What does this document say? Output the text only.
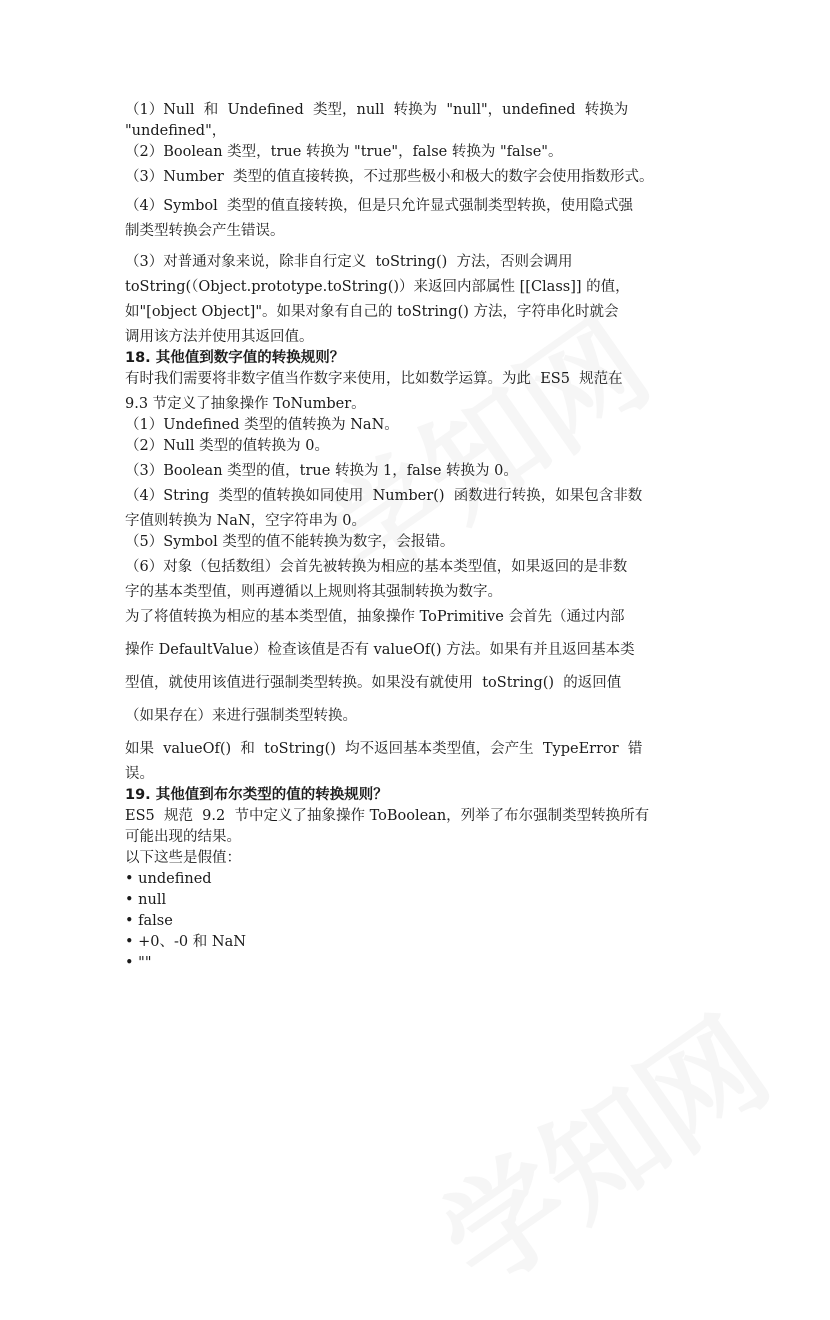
（1）Null  和  Undefined  类型，null  转换为  "null"，undefined  转换为
"undefined"，
（2）Boolean 类型，true 转换为 "true"，false 转换为 "false"。
（3）Number  类型的值直接转换，不过那些极小和极大的数字会使用指数形式。
（4）Symbol  类型的值直接转换，但是只允许显式强制类型转换，使用隐式强
制类型转换会产生错误。
（3）对普通对象来说，除非自行定义  toString()  方法，否则会调用
toString(（Object.prototype.toString()）来返回内部属性 [[Class]] 的值，
如"[object Object]"。如果对象有自己的 toString() 方法，字符串化时就会
调用该方法并使用其返回值。
18. 其他值到数字值的转换规则？
有时我们需要将非数字值当作数字来使用，比如数学运算。为此  ES5  规范在
9.3 节定义了抽象操作 ToNumber。
（1）Undefined 类型的值转换为 NaN。
（2）Null 类型的值转换为 0。
（3）Boolean 类型的值，true 转换为 1，false 转换为 0。
（4）String  类型的值转换如同使用  Number()  函数进行转换，如果包含非数
字值则转换为 NaN，空字符串为 0。
（5）Symbol 类型的值不能转换为数字，会报错。
（6）对象（包括数组）会首先被转换为相应的基本类型值，如果返回的是非数
字的基本类型值，则再遵循以上规则将其强制转换为数字。
为了将值转换为相应的基本类型值，抽象操作 ToPrimitive 会首先（通过内部
操作 DefaultValue）检查该值是否有 valueOf() 方法。如果有并且返回基本类
型值，就使用该值进行强制类型转换。如果没有就使用  toString()  的返回值
（如果存在）来进行强制类型转换。
如果  valueOf()  和  toString()  均不返回基本类型值，会产生  TypeError  错
误。
19. 其他值到布尔类型的值的转换规则？
ES5  规范  9.2  节中定义了抽象操作 ToBoolean，列举了布尔强制类型转换所有
可能出现的结果。
以下这些是假值：
• undefined
• null
• false
• +0、-0 和 NaN
• ""
